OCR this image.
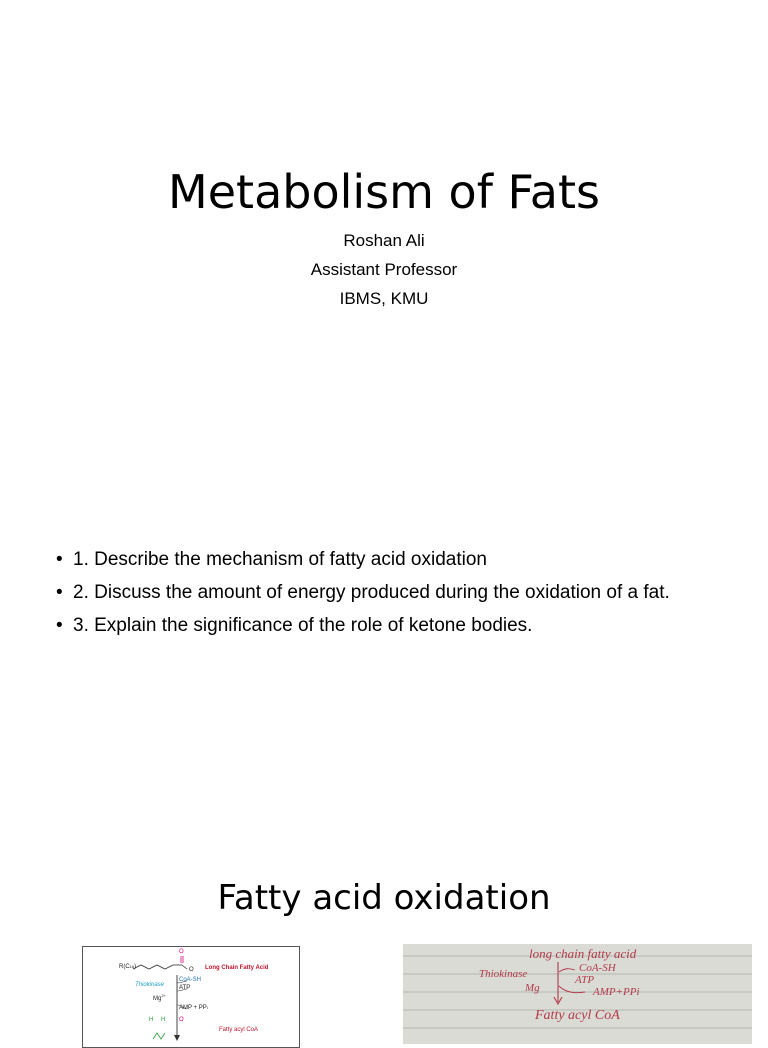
Metabolism of Fats
Roshan Ali
Assistant Professor
IBMS, KMU
• 1. Describe the mechanism of fatty acid oxidation
• 2. Discuss the amount of energy produced during the oxidation of a fat.
• 3. Explain the significance of the role of ketone bodies.
Fatty acid oxidation
R(C16)
O
O Long Chain Fatty Acid
CoA-SH
Thiokinase ATP
$Mg^{2+}$
AMP + PPi
H H O
Fatty acyl CoA
long chain fatty acid
Thiokinase	CoA-SH
Mg
ATP
AMP+PPi
Fatty acyl CoA
